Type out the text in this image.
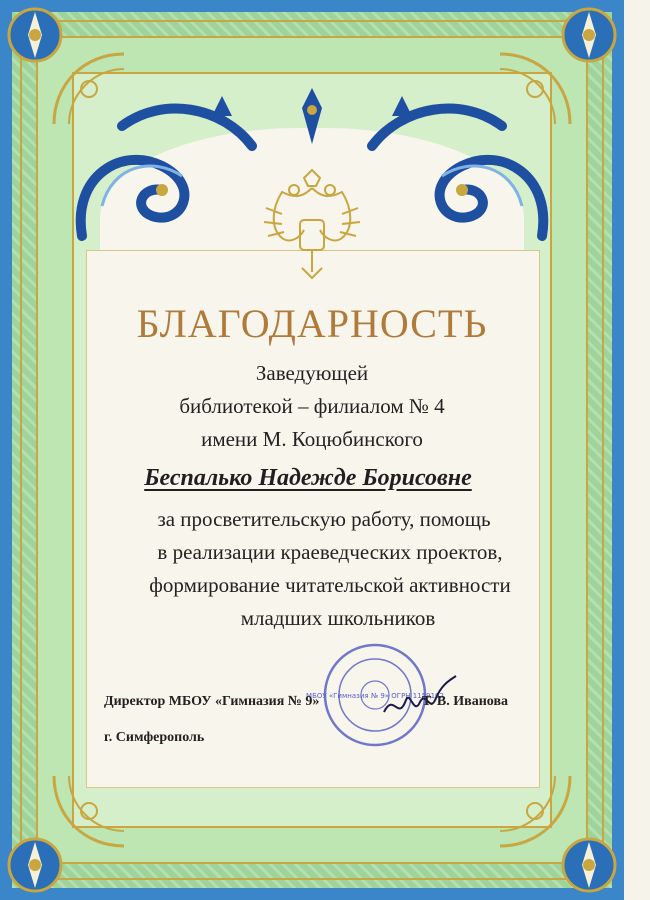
БЛАГОДАРНОСТЬ
Заведующей
библиотекой – филиалом № 4
имени М. Коцюбинского
Беспалько Надежде Борисовне
за просветительскую работу, помощь
в реализации краеведческих проектов,
формирование читательской активности
младших школьников
МБОУ «Гимназия № 9» ОГРН 1159102
Директор МБОУ «Гимназия № 9»	Т. В. Иванова
г. Симферополь
